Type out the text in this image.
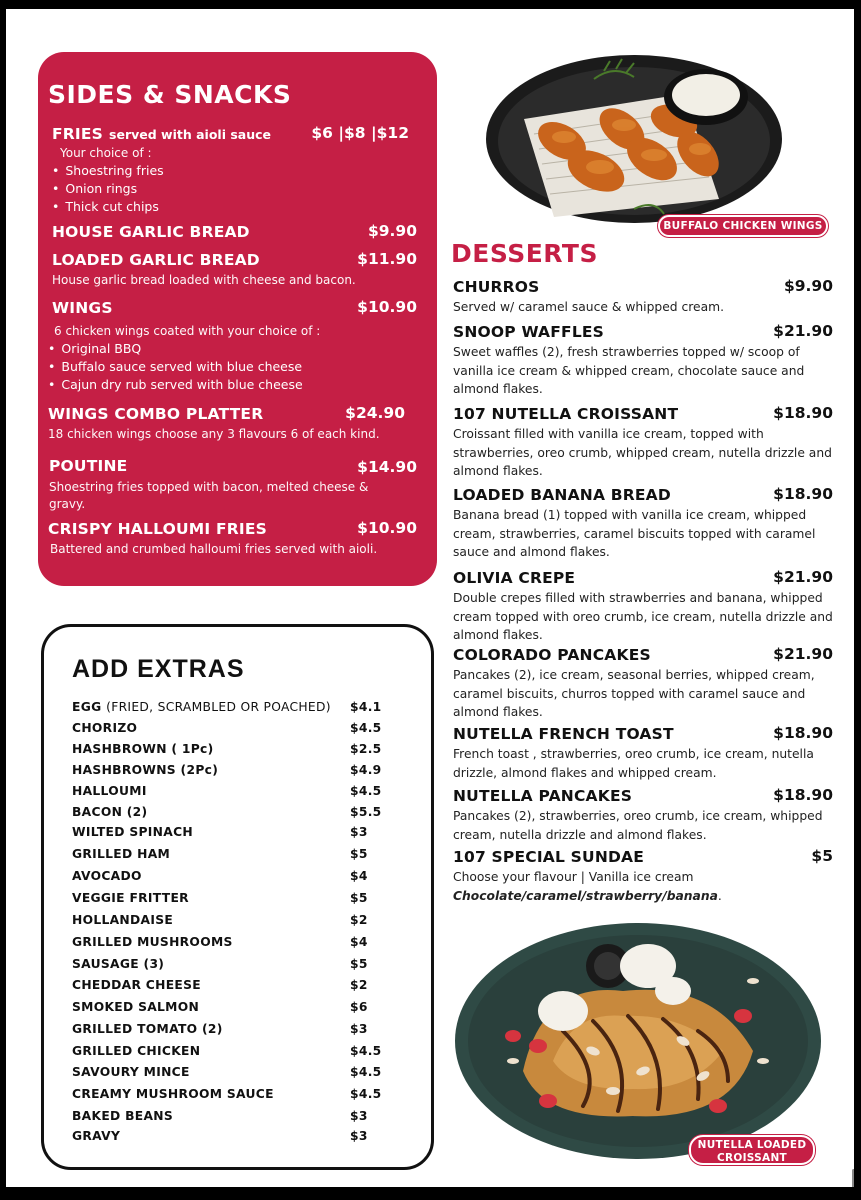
SIDES & SNACKS
FRIES served with aioli sauce	$6 |$8 |$12
Your choice of :
• Shoestring fries
• Onion rings
• Thick cut chips
HOUSE GARLIC BREAD	$9.90
LOADED GARLIC BREAD	$11.90
House garlic bread loaded with cheese and bacon.
WINGS	$10.90
6 chicken wings coated with your choice of :
• Original BBQ
• Buffalo sauce served with blue cheese
• Cajun dry rub served with blue cheese
WINGS COMBO PLATTER	$24.90
18 chicken wings choose any 3 flavours 6 of each kind.
POUTINE	$14.90
Shoestring fries topped with bacon, melted cheese & gravy.
CRISPY HALLOUMI FRIES	$10.90
Battered and crumbed halloumi fries served with aioli.
ADD EXTRAS
EGG (FRIED, SCRAMBLED OR POACHED) $4.1
CHORIZO	$4.5
HASHBROWN ( 1Pc)	$2.5
HASHBROWNS (2Pc)	$4.9
HALLOUMI	$4.5
BACON (2)	$5.5
WILTED SPINACH	$3
GRILLED HAM	$5
AVOCADO	$4
VEGGIE FRITTER	$5
HOLLANDAISE	$2
GRILLED MUSHROOMS	$4
SAUSAGE (3)	$5
CHEDDAR CHEESE	$2
SMOKED SALMON	$6
GRILLED TOMATO (2)	$3
GRILLED CHICKEN	$4.5
SAVOURY MINCE	$4.5
CREAMY MUSHROOM SAUCE	$4.5
BAKED BEANS	$3
GRAVY	$3
BUFFALO CHICKEN WINGS
DESSERTS
CHURROS	$9.90
Served w/ caramel sauce & whipped cream.
SNOOP WAFFLES	$21.90
Sweet waffles (2), fresh strawberries topped w/ scoop of vanilla ice cream & whipped cream, chocolate sauce and almond flakes.
107 NUTELLA CROISSANT	$18.90
Croissant filled with vanilla ice cream, topped with strawberries, oreo crumb, whipped cream, nutella drizzle and almond flakes.
LOADED BANANA BREAD	$18.90
Banana bread (1) topped with vanilla ice cream, whipped cream, strawberries, caramel biscuits topped with caramel sauce and almond flakes.
OLIVIA CREPE	$21.90
Double crepes filled with strawberries and banana, whipped cream topped with oreo crumb, ice cream, nutella drizzle and almond flakes.
COLORADO PANCAKES	$21.90
Pancakes (2), ice cream, seasonal berries, whipped cream, caramel biscuits, churros topped with caramel sauce and almond flakes.
NUTELLA FRENCH TOAST	$18.90
French toast , strawberries, oreo crumb, ice cream, nutella drizzle, almond flakes and whipped cream.
NUTELLA PANCAKES	$18.90
Pancakes (2), strawberries, oreo crumb, ice cream, whipped cream, nutella drizzle and almond flakes.
107 SPECIAL SUNDAE	$5
Choose your flavour | Vanilla ice cream
Chocolate/caramel/strawberry/banana.
NUTELLA LOADED CROISSANT
